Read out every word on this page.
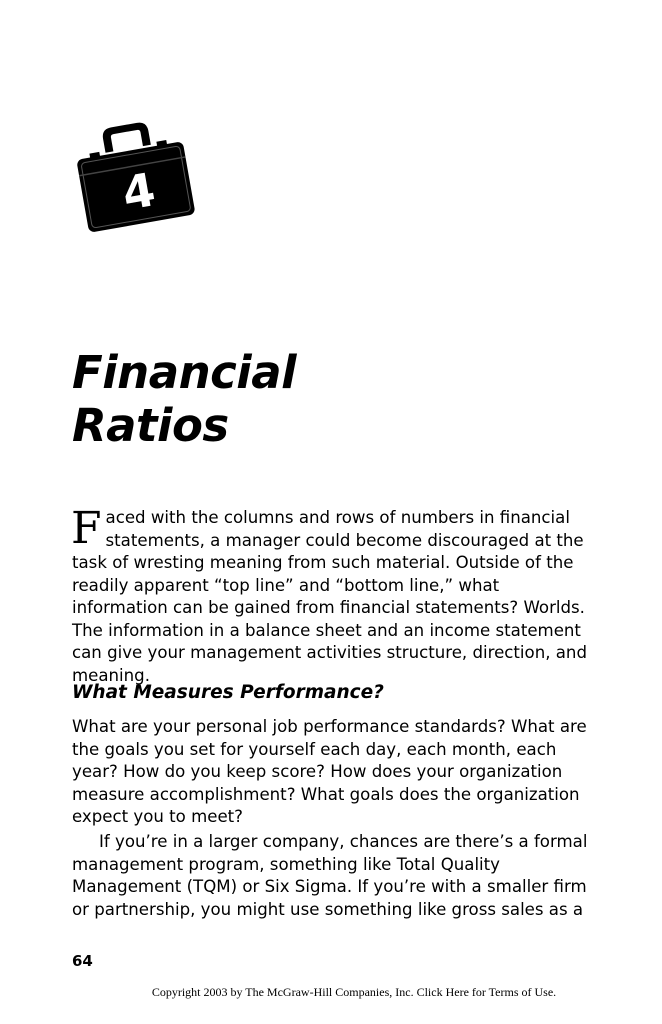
4
Financial
Ratios

Faced with the columns and rows of numbers in financial statements, a manager could become discouraged at the task of wresting meaning from such material. Outside of the readily apparent “top line” and “bottom line,” what information can be gained from financial statements? Worlds. The information in a balance sheet and an income statement can give your management activities structure, direction, and meaning.

What Measures Performance?

What are your personal job performance standards? What are the goals you set for yourself each day, each month, each year? How do you keep score? How does your organization measure accomplishment? What goals does the organization expect you to meet?

If you’re in a larger company, chances are there’s a formal management program, something like Total Quality Management (TQM) or Six Sigma. If you’re with a smaller firm or partnership, you might use something like gross sales as a

64
Copyright 2003 by The McGraw-Hill Companies, Inc. Click Here for Terms of Use.
